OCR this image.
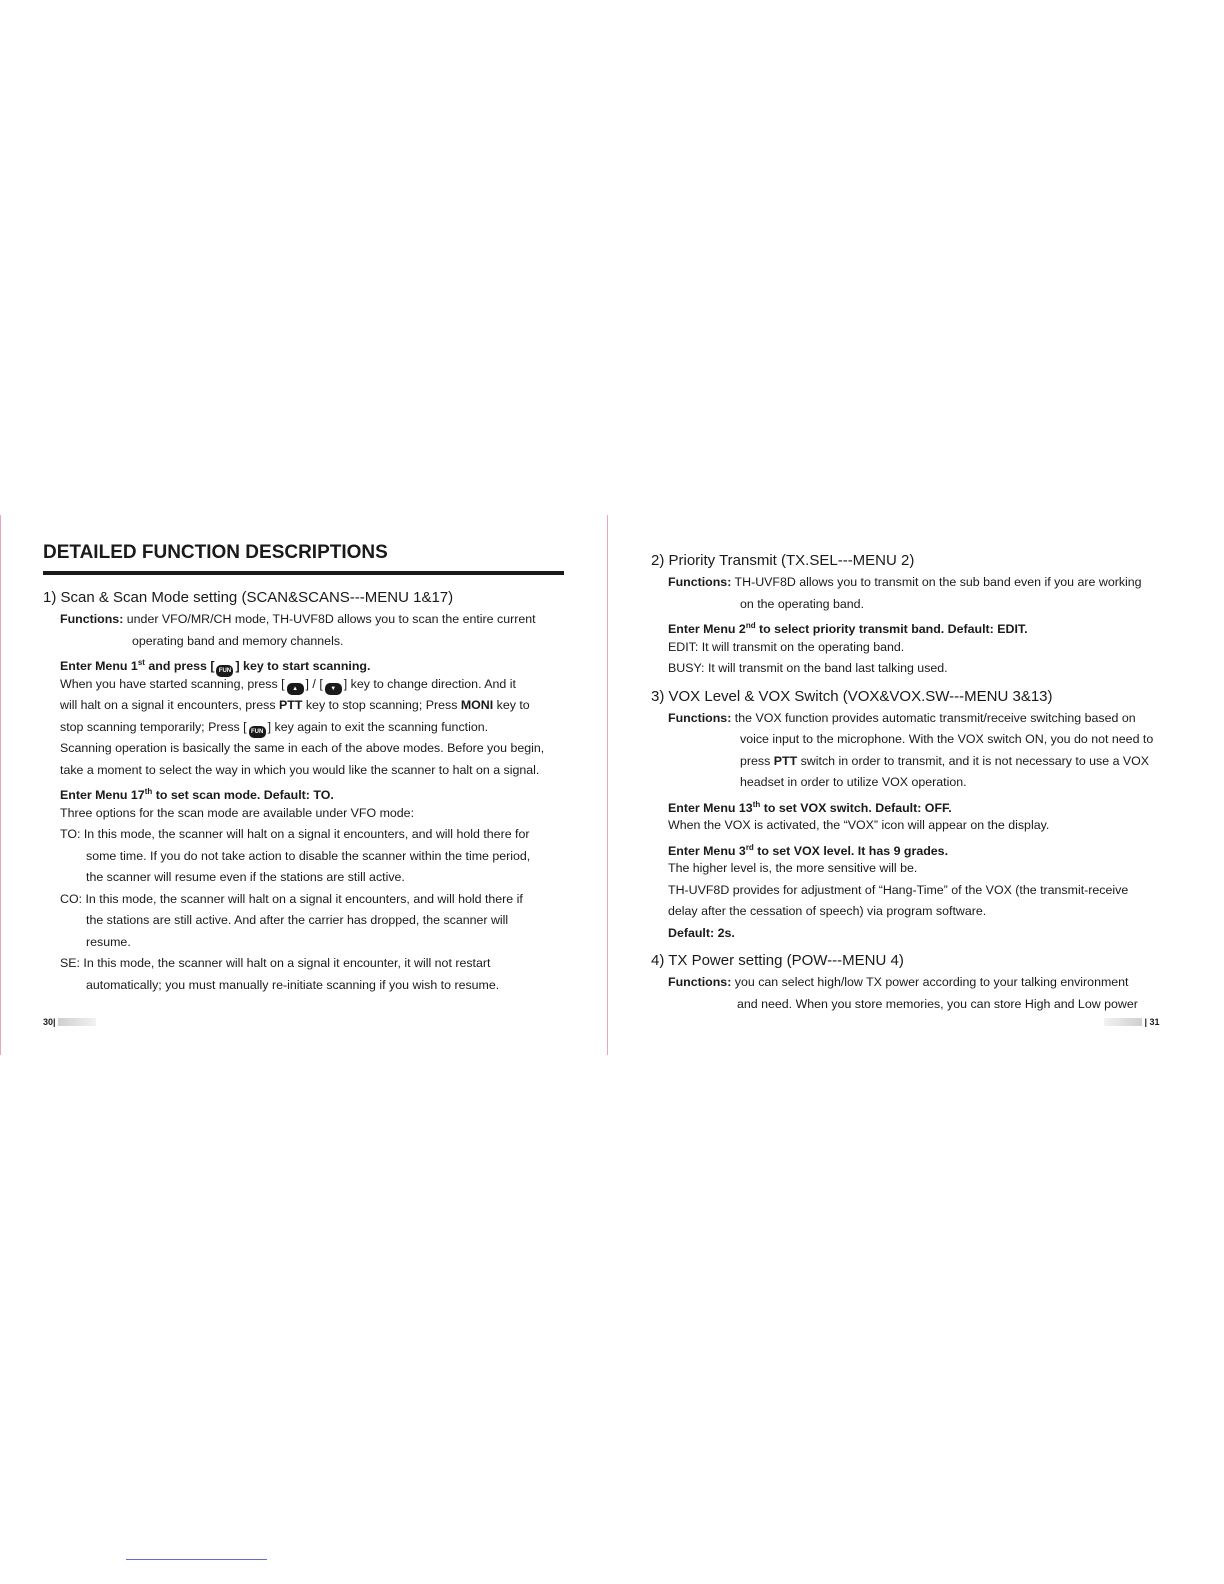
DETAILED FUNCTION DESCRIPTIONS
1) Scan & Scan Mode setting (SCAN&SCANS---MENU 1&17)
Functions: under VFO/MR/CH mode, TH-UVF8D allows you to scan the entire current
operating band and memory channels.
Enter Menu 1st and press [ FUN ] key to start scanning.
When you have started scanning, press [ ▲ ] / [ ▼ ] key to change direction. And it
will halt on a signal it encounters, press PTT key to stop scanning; Press MONI key to
stop scanning temporarily; Press [ FUN ] key again to exit the scanning function.
Scanning operation is basically the same in each of the above modes. Before you begin,
take a moment to select the way in which you would like the scanner to halt on a signal.
Enter Menu 17th to set scan mode. Default: TO.
Three options for the scan mode are available under VFO mode:
TO: In this mode, the scanner will halt on a signal it encounters, and will hold there for
some time. If you do not take action to disable the scanner within the time period,
the scanner will resume even if the stations are still active.
CO: In this mode, the scanner will halt on a signal it encounters, and will hold there if
the stations are still active. And after the carrier has dropped, the scanner will
resume.
SE: In this mode, the scanner will halt on a signal it encounter, it will not restart
automatically; you must manually re-initiate scanning if you wish to resume.
2) Priority Transmit (TX.SEL---MENU 2)
Functions: TH-UVF8D allows you to transmit on the sub band even if you are working
on the operating band.
Enter Menu 2nd to select priority transmit band. Default: EDIT.
EDIT: It will transmit on the operating band.
BUSY: It will transmit on the band last talking used.
3) VOX Level & VOX Switch (VOX&VOX.SW---MENU 3&13)
Functions: the VOX function provides automatic transmit/receive switching based on
voice input to the microphone. With the VOX switch ON, you do not need to
press PTT switch in order to transmit, and it is not necessary to use a VOX
headset in order to utilize VOX operation.
Enter Menu 13th to set VOX switch. Default: OFF.
When the VOX is activated, the “VOX” icon will appear on the display.
Enter Menu 3rd to set VOX level. It has 9 grades.
The higher level is, the more sensitive will be.
TH-UVF8D provides for adjustment of “Hang-Time” of the VOX (the transmit-receive
delay after the cessation of speech) via program software.
Default: 2s.
4) TX Power setting (POW---MENU 4)
Functions: you can select high/low TX power according to your talking environment
and need. When you store memories, you can store High and Low power
30|	| 31
